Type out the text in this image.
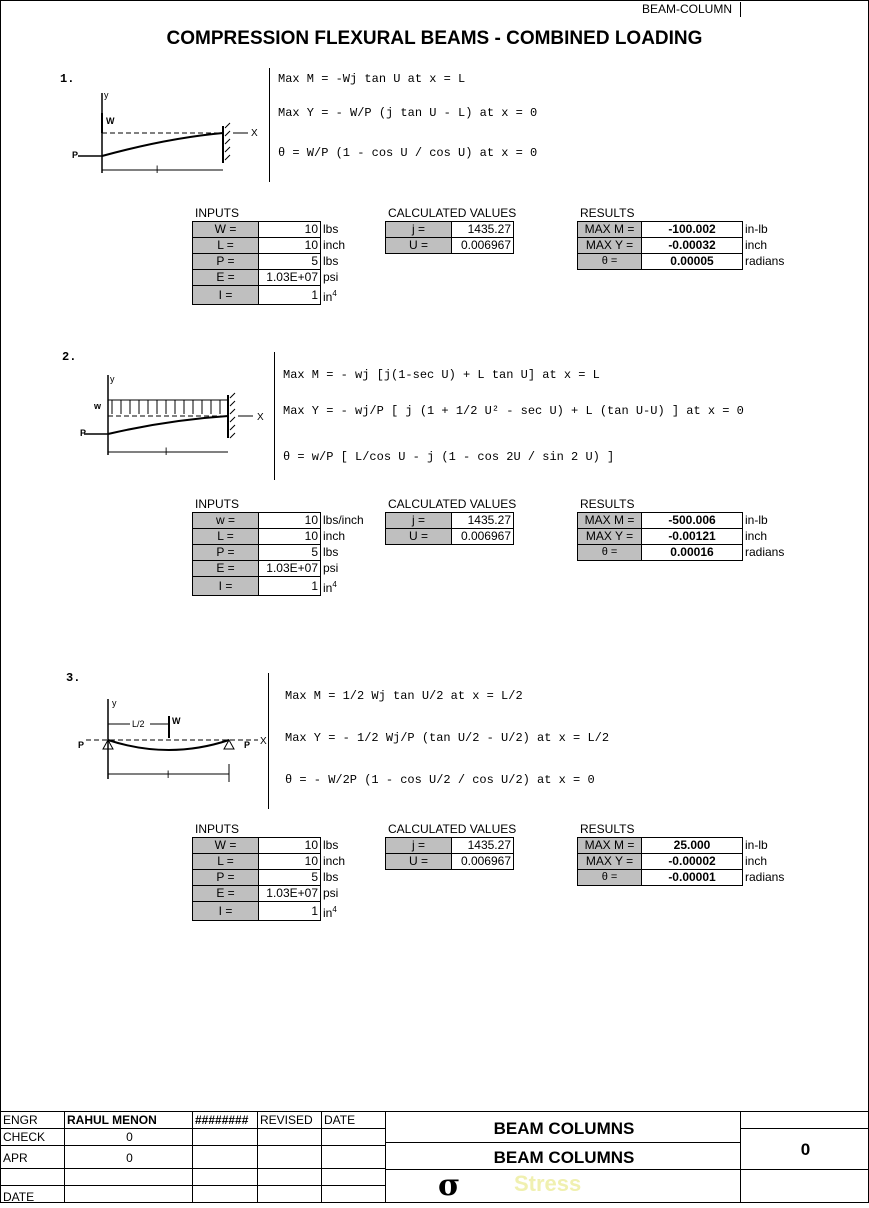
BEAM-COLUMN
COMPRESSION FLEXURAL BEAMS - COMBINED LOADING
1.
y
W
P
X
l
Max M = -Wj tan U at x = L
Max Y = - W/P (j tan U - L) at x = 0
θ = W/P (1 - cos U / cos U) at x = 0
INPUTS
W =	10	lbs
L =	10	inch
P =	5	lbs
E =	1.03E+07	psi
I =	1	$in^4$
CALCULATED VALUES
j =	1435.27
U =	0.006967
RESULTS
MAX M =	-100.002	in-lb
MAX Y =	-0.00032	inch
θ =	0.00005	radians
2.
y
w
P
X
l
Max M = - wj [j(1-sec U) + L tan U] at x = L
Max Y = - wj/P [ j (1 + 1/2 U² - sec U) + L (tan U-U) ] at x = 0
θ = w/P [ L/cos U - j (1 - cos 2U / sin 2 U) ]
INPUTS
w =	10	lbs/inch
L =	10	inch
P =	5	lbs
E =	1.03E+07	psi
I =	1	$in^4$
CALCULATED VALUES
j =	1435.27
U =	0.006967
RESULTS
MAX M =	-500.006	in-lb
MAX Y =	-0.00121	inch
θ =	0.00016	radians
3.
y
L/2	W
P	P X
l
Max M = 1/2 Wj tan U/2 at x = L/2
Max Y = - 1/2 Wj/P (tan U/2 - U/2) at x = L/2
θ = - W/2P (1 - cos U/2 / cos U/2) at x = 0
INPUTS
W =	10	lbs
L =	10	inch
P =	5	lbs
E =	1.03E+07	psi
I =	1	$in^4$
CALCULATED VALUES
j =	1435.27
U =	0.006967
RESULTS
MAX M =	25.000	in-lb
MAX Y =	-0.00002	inch
θ =	-0.00001	radians
ENGR	RAHUL MENON	######## REVISED DATE
CHECK	0
APR	0
DATE
BEAM COLUMNS
BEAM COLUMNS
σ Stress
0
